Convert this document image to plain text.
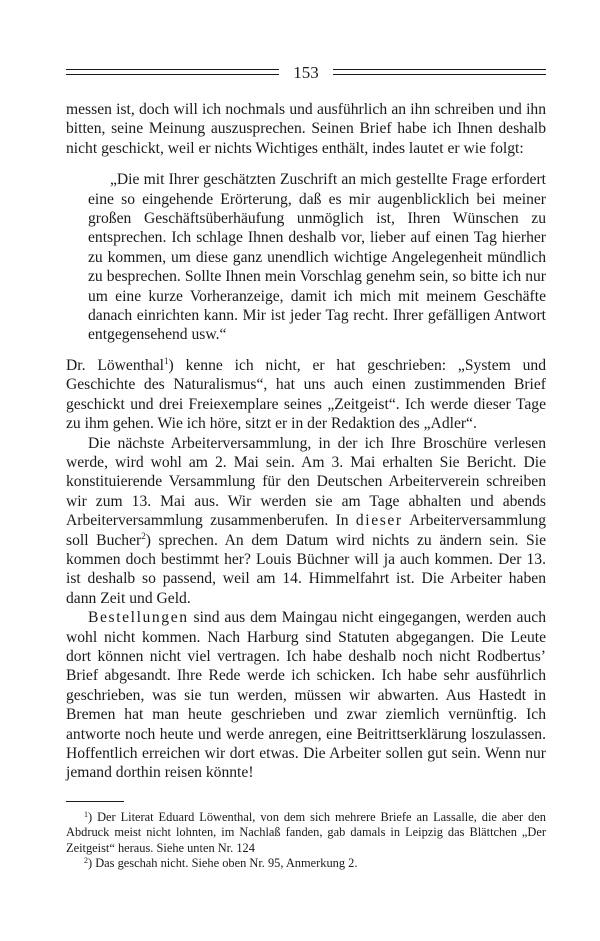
153

messen ist, doch will ich nochmals und ausführlich an ihn schreiben und ihn bitten, seine Meinung auszusprechen. Seinen Brief habe ich Ihnen deshalb nicht geschickt, weil er nichts Wichtiges enthält, indes lautet er wie folgt:

„Die mit Ihrer geschätzten Zuschrift an mich gestellte Frage erfordert eine so eingehende Erörterung, daß es mir augenblicklich bei meiner großen Geschäftsüberhäufung unmöglich ist, Ihren Wünschen zu entsprechen. Ich schlage Ihnen deshalb vor, lieber auf einen Tag hierher zu kommen, um diese ganz unendlich wichtige Angelegenheit mündlich zu besprechen. Sollte Ihnen mein Vorschlag genehm sein, so bitte ich nur um eine kurze Vorheranzeige, damit ich mich mit meinem Geschäfte danach einrichten kann. Mir ist jeder Tag recht. Ihrer gefälligen Antwort entgegensehend usw.“

Dr. Löwenthal$^1$) kenne ich nicht, er hat geschrieben: „System und Geschichte des Naturalismus“, hat uns auch einen zustimmenden Brief geschickt und drei Freiexemplare seines „Zeitgeist“. Ich werde dieser Tage zu ihm gehen. Wie ich höre, sitzt er in der Redaktion des „Adler“.

Die nächste Arbeiterversammlung, in der ich Ihre Broschüre verlesen werde, wird wohl am 2. Mai sein. Am 3. Mai erhalten Sie Bericht. Die konstituierende Versammlung für den Deutschen Arbeiterverein schreiben wir zum 13. Mai aus. Wir werden sie am Tage abhalten und abends Arbeiterversammlung zusammenberufen. In dieser Arbeiterversammlung soll Bucher$^2$) sprechen. An dem Datum wird nichts zu ändern sein. Sie kommen doch bestimmt her? Louis Büchner will ja auch kommen. Der 13. ist deshalb so passend, weil am 14. Himmelfahrt ist. Die Arbeiter haben dann Zeit und Geld.

Bestellungen sind aus dem Maingau nicht eingegangen, werden auch wohl nicht kommen. Nach Harburg sind Statuten abgegangen. Die Leute dort können nicht viel vertragen. Ich habe deshalb noch nicht Rodbertus’ Brief abgesandt. Ihre Rede werde ich schicken. Ich habe sehr ausführlich geschrieben, was sie tun werden, müssen wir abwarten. Aus Hastedt in Bremen hat man heute geschrieben und zwar ziemlich vernünftig. Ich antworte noch heute und werde anregen, eine Beitrittserklärung loszulassen. Hoffentlich erreichen wir dort etwas. Die Arbeiter sollen gut sein. Wenn nur jemand dorthin reisen könnte!

$^1$) Der Literat Eduard Löwenthal, von dem sich mehrere Briefe an Lassalle, die aber den Abdruck meist nicht lohnten, im Nachlaß fanden, gab damals in Leipzig das Blättchen „Der Zeitgeist“ heraus. Siehe unten Nr. 124

$^2$) Das geschah nicht. Siehe oben Nr. 95, Anmerkung 2.
